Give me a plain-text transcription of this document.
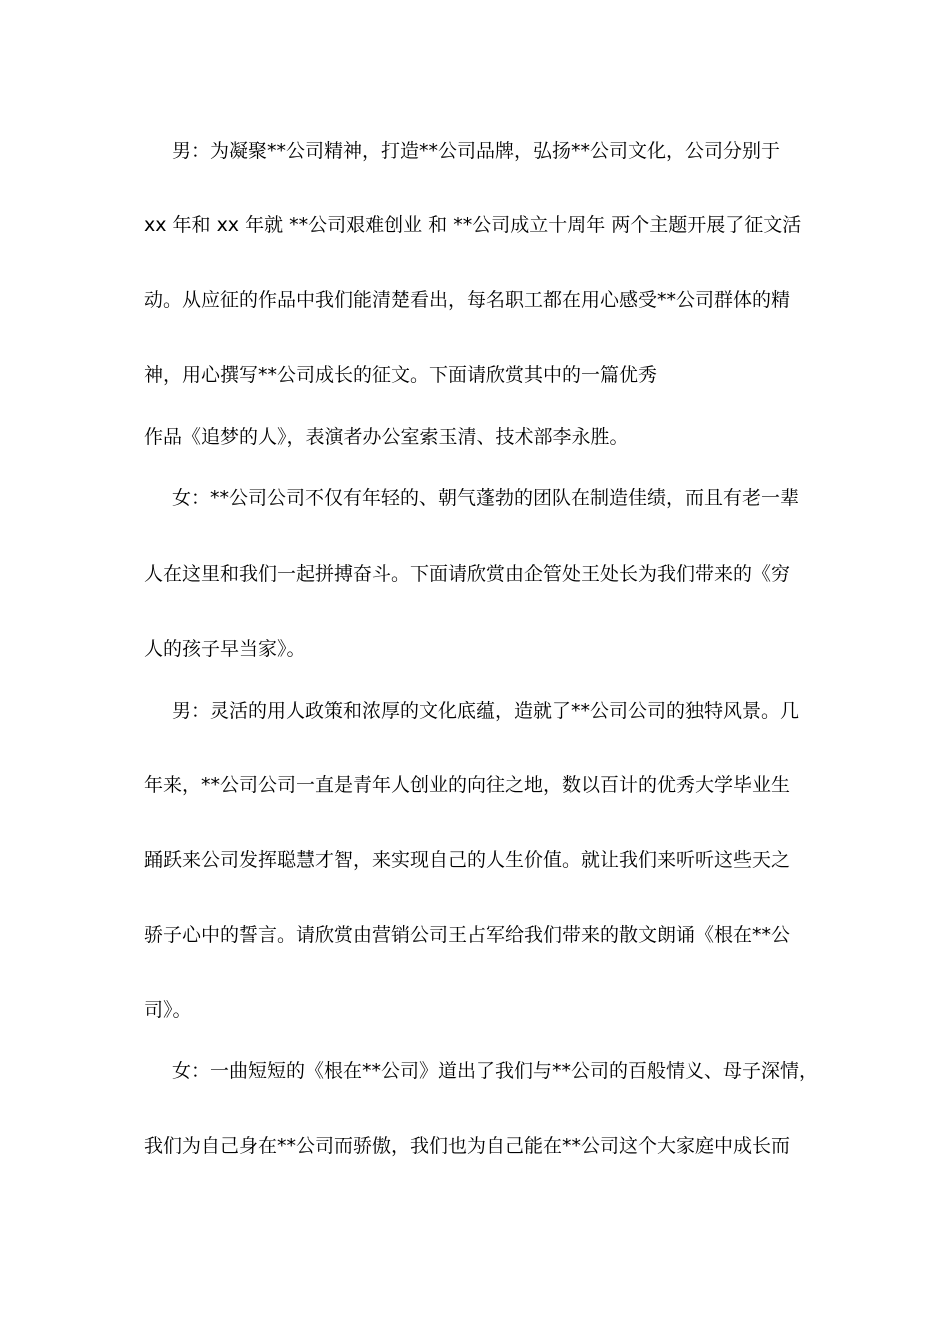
男：为凝聚**公司精神，打造**公司品牌，弘扬**公司文化，公司分别于
xx 年和 xx 年就 **公司艰难创业 和 **公司成立十周年 两个主题开展了征文活
动。从应征的作品中我们能清楚看出，每名职工都在用心感受**公司群体的精
神，用心撰写**公司成长的征文。下面请欣赏其中的一篇优秀
作品《追梦的人》，表演者办公室索玉清、技术部李永胜。
女：**公司公司不仅有年轻的、朝气蓬勃的团队在制造佳绩，而且有老一辈
人在这里和我们一起拼搏奋斗。下面请欣赏由企管处王处长为我们带来的《穷
人的孩子早当家》。
男：灵活的用人政策和浓厚的文化底蕴，造就了**公司公司的独特风景。几
年来，**公司公司一直是青年人创业的向往之地，数以百计的优秀大学毕业生
踊跃来公司发挥聪慧才智，来实现自己的人生价值。就让我们来听听这些天之
骄子心中的誓言。请欣赏由营销公司王占军给我们带来的散文朗诵《根在**公
司》。
女：一曲短短的《根在**公司》道出了我们与**公司的百般情义、母子深情，
我们为自己身在**公司而骄傲，我们也为自己能在**公司这个大家庭中成长而
